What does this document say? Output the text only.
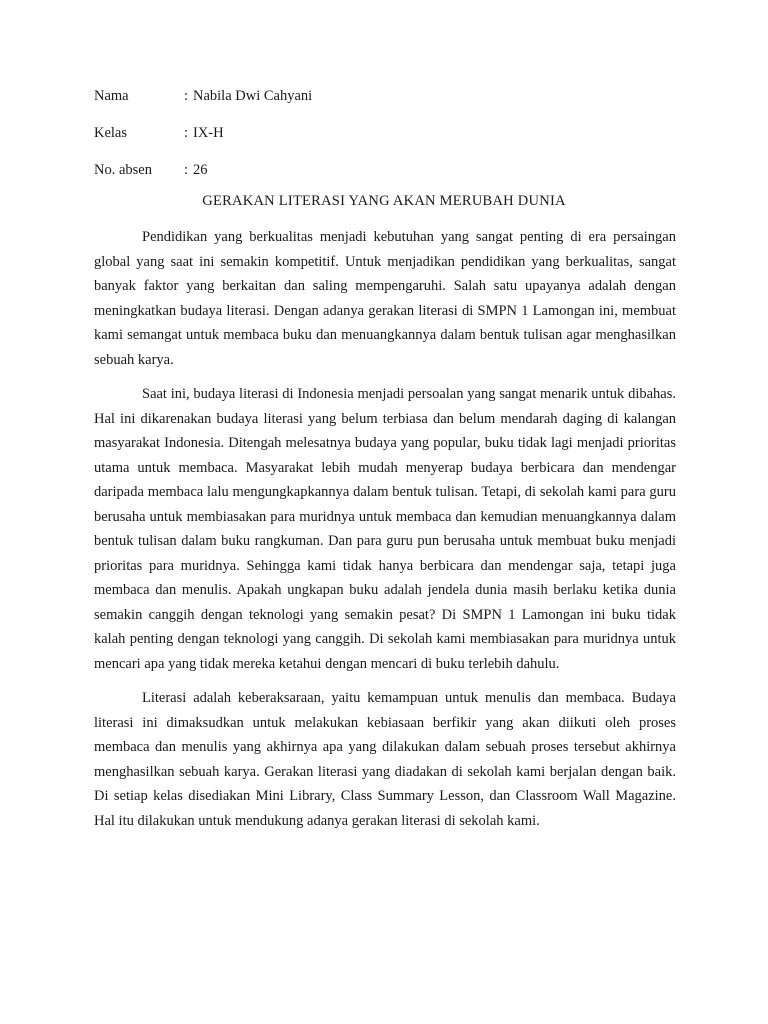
Nama	: Nabila Dwi Cahyani
Kelas	: IX-H
No. absen	: 26
GERAKAN LITERASI YANG AKAN MERUBAH DUNIA

Pendidikan yang berkualitas menjadi kebutuhan yang sangat penting di era persaingan global yang saat ini semakin kompetitif. Untuk menjadikan pendidikan yang berkualitas, sangat banyak faktor yang berkaitan dan saling mempengaruhi. Salah satu upayanya adalah dengan meningkatkan budaya literasi. Dengan adanya gerakan literasi di SMPN 1 Lamongan ini, membuat kami semangat untuk membaca buku dan menuangkannya dalam bentuk tulisan agar menghasilkan sebuah karya.

Saat ini, budaya literasi di Indonesia menjadi persoalan yang sangat menarik untuk dibahas. Hal ini dikarenakan budaya literasi yang belum terbiasa dan belum mendarah daging di kalangan masyarakat Indonesia. Ditengah melesatnya budaya yang popular, buku tidak lagi menjadi prioritas utama untuk membaca. Masyarakat lebih mudah menyerap budaya berbicara dan mendengar daripada membaca lalu mengungkapkannya dalam bentuk tulisan. Tetapi, di sekolah kami para guru berusaha untuk membiasakan para muridnya untuk membaca dan kemudian menuangkannya dalam bentuk tulisan dalam buku rangkuman. Dan para guru pun berusaha untuk membuat buku menjadi prioritas para muridnya. Sehingga kami tidak hanya berbicara dan mendengar saja, tetapi juga membaca dan menulis. Apakah ungkapan buku adalah jendela dunia masih berlaku ketika dunia semakin canggih dengan teknologi yang semakin pesat? Di SMPN 1 Lamongan ini buku tidak kalah penting dengan teknologi yang canggih. Di sekolah kami membiasakan para muridnya untuk mencari apa yang tidak mereka ketahui dengan mencari di buku terlebih dahulu.

Literasi adalah keberaksaraan, yaitu kemampuan untuk menulis dan membaca. Budaya literasi ini dimaksudkan untuk melakukan kebiasaan berfikir yang akan diikuti oleh proses membaca dan menulis yang akhirnya apa yang dilakukan dalam sebuah proses tersebut akhirnya menghasilkan sebuah karya. Gerakan literasi yang diadakan di sekolah kami berjalan dengan baik. Di setiap kelas disediakan Mini Library, Class Summary Lesson, dan Classroom Wall Magazine. Hal itu dilakukan untuk mendukung adanya gerakan literasi di sekolah kami.
